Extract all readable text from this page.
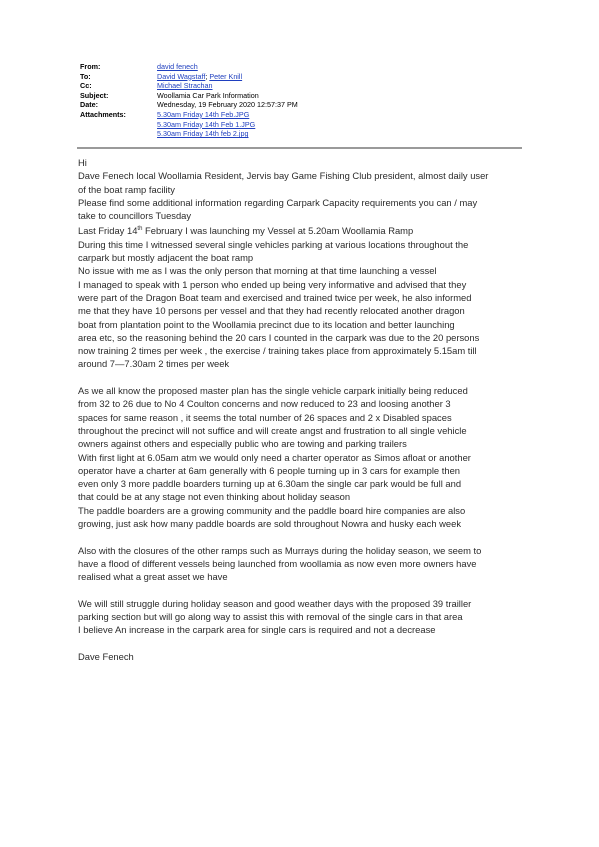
From:	david fenech
To:	David Wagstaff; Peter Knill
Cc:	Michael Strachan
Subject:	Woollamia Car Park Information
Date:	Wednesday, 19 February 2020 12:57:37 PM
Attachments:	5.30am Friday 14th Feb.JPG
5.30am Friday 14th Feb 1.JPG
5.30am Friday 14th feb 2.jpg

Hi

Dave Fenech local Woollamia Resident, Jervis bay Game Fishing Club president, almost daily user

of the boat ramp facility

Please find some additional information regarding Carpark Capacity requirements you can / may

take to councillors Tuesday

Last Friday 14th February I was launching my Vessel at 5.20am Woollamia Ramp

During this time I witnessed several single vehicles parking at various locations throughout the

carpark but mostly adjacent the boat ramp

No issue with me as I was the only person that morning at that time launching a vessel

I managed to speak with 1 person who ended up being very informative and advised that they

were part of the Dragon Boat team and exercised and trained twice per week, he also informed

me that they have 10 persons per vessel and that they had recently relocated another dragon

boat from plantation point to the Woollamia precinct due to its location and better launching

area etc, so the reasoning behind the 20 cars I counted in the carpark was due to the 20 persons

now training 2 times per week , the exercise / training takes place from approximately 5.15am till

around 7—7.30am 2 times per week

As we all know the proposed master plan has the single vehicle carpark initially being reduced

from 32 to 26 due to No 4 Coulton concerns and now reduced to 23 and loosing another 3

spaces for same reason , it seems the total number of 26 spaces and 2 x Disabled spaces

throughout the precinct will not suffice and will create angst and frustration to all single vehicle

owners against others and especially public who are towing and parking trailers

With first light at 6.05am atm we would only need a charter operator as Simos afloat or another

operator have a charter at 6am generally with 6 people turning up in 3 cars for example then

even only 3 more paddle boarders turning up at 6.30am the single car park would be full and

that could be at any stage not even thinking about holiday season

The paddle boarders are a growing community and the paddle board hire companies are also

growing, just ask how many paddle boards are sold throughout Nowra and husky each week

Also with the closures of the other ramps such as Murrays during the holiday season, we seem to

have a flood of different vessels being launched from woollamia as now even more owners have

realised what a great asset we have

We will still struggle during holiday season and good weather days with the proposed 39 trailler

parking section but will go along way to assist this with removal of the single cars in that area

I believe An increase in the carpark area for single cars is required and not a decrease

Dave Fenech
